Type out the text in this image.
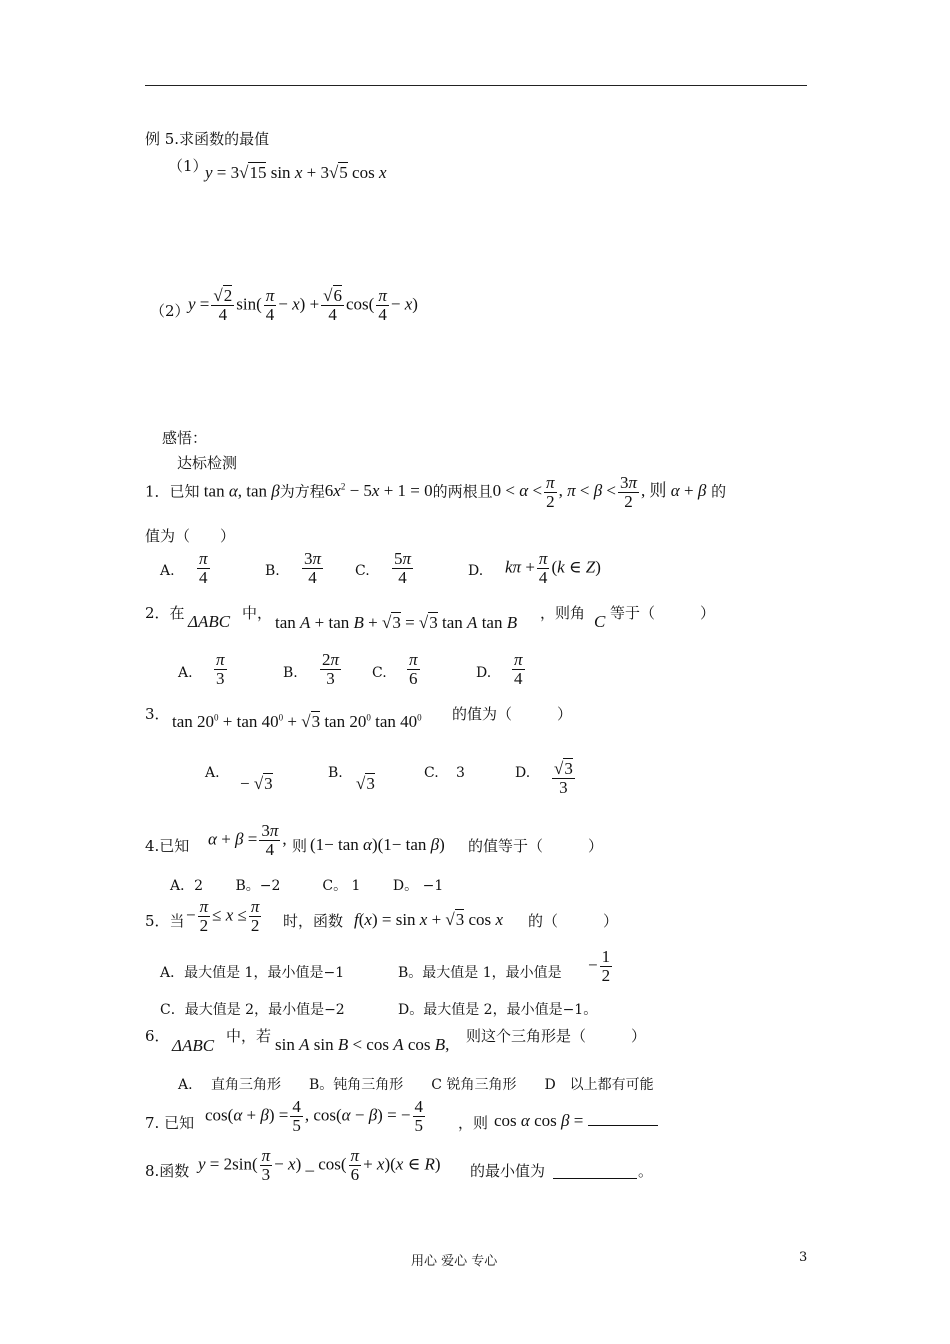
例 5.求函数的最值
（1）
y = 3√15 sin x + 3√5 cos x
（2）
$y = \frac{√2}{4} \sin( \frac{\pi}{4} - x) + \frac{√6}{4} \cos( \frac{\pi}{4} - x)$
感悟：
达标检测
1．已知 tan α, tan β为方程$6x^2 - 5x + 1 = 0$的两根且$0 < \alpha < \frac{\pi}{2}$ , $\pi < \beta < \frac{3\pi}{2}$ , 则 α + β 的
值为（　　）
A. $\frac{\pi}{4}$	B. $\frac{3\pi}{4} C$. $\frac{5\pi}{4}$	D. $k\pi + \frac{\pi}{4} (k$ ∈ Z)
2．在 ΔABC 中， tan A + tan B + √3 = √3 tan A tan B ，则角 C 等于（　　　）
A. $\frac{\pi}{3}$	B. $\frac{2\pi}{3} C$. $\frac{\pi}{6}$	D. $\frac{\pi}{4}$
3． $\tan 20^0 + \tan 40^0 + √3$ $\tan 20^0$ $\tan 40^0$ 的值为（　　　）
A.
− √3
B.
√3
C. 3	D. $\frac{√3}{3}$
4.已知 $\alpha + \beta = \frac{3\pi}{4}$ , 则 (1− tan α)(1− tan β) 的值等于（　　　）
A．2　　 B。−2　　　C。 1　　 D。 −1
5．当 − $\frac{\pi}{2} \le x \le \frac{\pi}{2}$ 时，函数 f(x) = sin x + √3 cos x 的（　　　）
A．最大值是 1，最小值是−1	B。最大值是 1，最小值是 − $\frac{1}{2}$
C．最大值是 2，最小值是−2	D。最大值是 2，最小值是−1。
6． ΔABC 中，若 sin A sin B < cos A cos B, 则这个三角形是（　　　）
A.　 直角三角形　　B。钝角三角形　　C 锐角三角形　　D　以上都有可能
7. 已知 $\cos(\alpha + \beta) = \frac{4}{5}$ , cos(α − β) = − $\frac{4}{5}$ ，则 cos α cos β =
8.函数 $y = 2\sin( \frac{\pi}{3} - x)$ _ $\cos( \frac{\pi}{6} + x)(x$ ∈ R) 的最小值为	。
用心 爱心 专心	3
